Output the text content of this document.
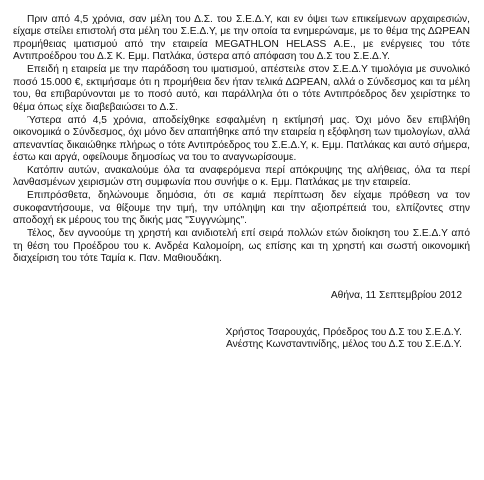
Πριν από 4,5 χρόνια, σαν μέλη του Δ.Σ. του Σ.Ε.Δ.Υ, και εν όψει των επικείμενων αρχαιρεσιών, είχαμε στείλει επιστολή στα μέλη του Σ.Ε.Δ.Υ, με την οποία τα ενημερώναμε, με το θέμα της ΔΩΡΕΑΝ προμήθειας ιματισμού από την εταιρεία MEGATHLON HELASS Α.Ε., με ενέργειες του τότε Αντιπροέδρου του Δ.Σ Κ. Εμμ. Πατλάκα, ύστερα από απόφαση του Δ.Σ του Σ.Ε.Δ.Υ.

Επειδή η εταιρεία με την παράδοση του ιματισμού, απέστειλε στον Σ.Ε.Δ.Υ τιμολόγια με συνολικό ποσό 15.000 €, εκτιμήσαμε ότι η προμήθεια δεν ήταν τελικά ΔΩΡΕΑΝ, αλλά ο Σύνδεσμος και τα μέλη του, θα επιβαρύνονται με το ποσό αυτό, και παράλληλα ότι ο τότε Αντιπρόεδρος δεν χειρίστηκε το θέμα όπως είχε διαβεβαιώσει το Δ.Σ.

Ύστερα από 4,5 χρόνια, αποδείχθηκε εσφαλμένη η εκτίμησή μας. Όχι μόνο δεν επιβλήθη οικονομικά ο Σύνδεσμος, όχι μόνο δεν απαιτήθηκε από την εταιρεία η εξόφληση των τιμολογίων, αλλά απεναντίας δικαιώθηκε πλήρως ο τότε Αντιπρόεδρος του Σ.Ε.Δ.Υ, κ. Εμμ. Πατλάκας και αυτό σήμερα, έστω και αργά, οφείλουμε δημοσίως να του το αναγνωρίσουμε.

Κατόπιν αυτών, ανακαλούμε όλα τα αναφερόμενα περί απόκρυψης της αλήθειας, όλα τα περί λανθασμένων χειρισμών στη συμφωνία που συνήψε ο κ. Εμμ. Πατλάκας με την εταιρεία.

Επιπρόσθετα, δηλώνουμε δημόσια, ότι σε καμιά περίπτωση δεν είχαμε πρόθεση να τον συκοφαντήσουμε, να θίξουμε την τιμή, την υπόληψη και την αξιοπρέπειά του, ελπίζοντες στην αποδοχή εκ μέρους του της δικής μας "Συγγνώμης".

Τέλος, δεν αγνοούμε τη χρηστή και ανιδιοτελή επί σειρά πολλών ετών διοίκηση του Σ.Ε.Δ.Υ από τη θέση του Προέδρου του κ. Ανδρέα Καλομοίρη, ως επίσης και τη χρηστή και σωστή οικονομική διαχείριση του τότε Ταμία κ. Παν. Μαθιουδάκη.

Αθήνα, 11 Σεπτεμβρίου 2012
Χρήστος Τσαρουχάς, Πρόεδρος του Δ.Σ του Σ.Ε.Δ.Υ.
Ανέστης Κωνσταντινίδης, μέλος του Δ.Σ του Σ.Ε.Δ.Υ.
